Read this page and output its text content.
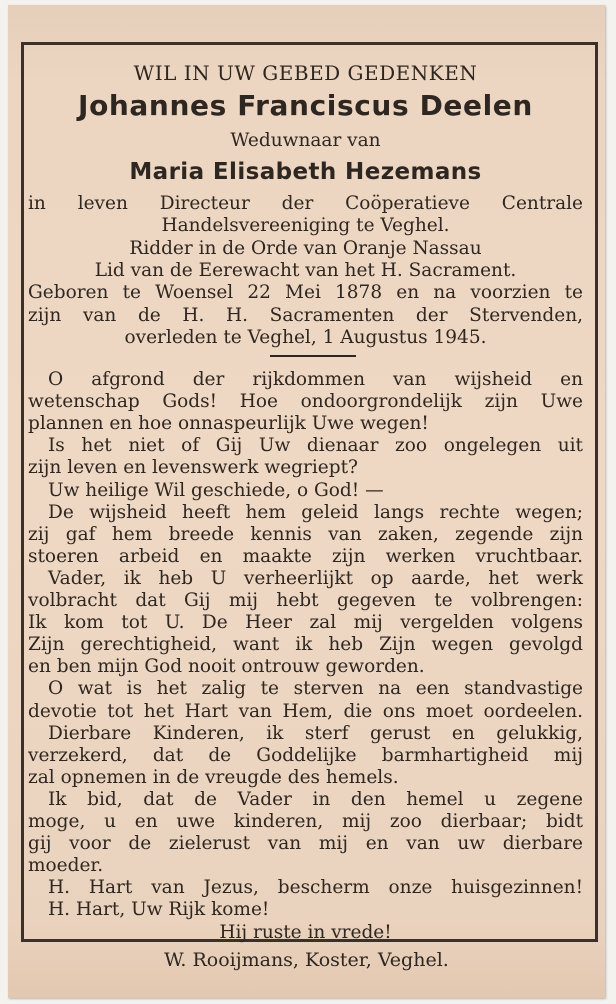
WIL IN UW GEBED GEDENKEN
Johannes Franciscus Deelen
Weduwnaar van
Maria Elisabeth Hezemans
in leven Directeur der Coöperatieve Centrale
Handelsvereeniging te Veghel.
Ridder in de Orde van Oranje Nassau
Lid van de Eerewacht van het H. Sacrament.
Geboren te Woensel 22 Mei 1878 en na voorzien te
zijn van de H. H. Sacramenten der Stervenden,
overleden te Veghel, 1 Augustus 1945.
O afgrond der rijkdommen van wijsheid en
wetenschap Gods! Hoe ondoorgrondelijk zijn Uwe
plannen en hoe onnaspeurlijk Uwe wegen!
Is het niet of Gij Uw dienaar zoo ongelegen uit
zijn leven en levenswerk wegriept?
Uw heilige Wil geschiede, o God! —
De wijsheid heeft hem geleid langs rechte wegen;
zij gaf hem breede kennis van zaken, zegende zijn
stoeren arbeid en maakte zijn werken vruchtbaar.
Vader, ik heb U verheerlijkt op aarde, het werk
volbracht dat Gij mij hebt gegeven te volbrengen:
Ik kom tot U. De Heer zal mij vergelden volgens
Zijn gerechtigheid, want ik heb Zijn wegen gevolgd
en ben mijn God nooit ontrouw geworden.
O wat is het zalig te sterven na een standvastige
devotie tot het Hart van Hem, die ons moet oordeelen.
Dierbare Kinderen, ik sterf gerust en gelukkig,
verzekerd, dat de Goddelijke barmhartigheid mij
zal opnemen in de vreugde des hemels.
Ik bid, dat de Vader in den hemel u zegene
moge, u en uwe kinderen, mij zoo dierbaar; bidt
gij voor de zielerust van mij en van uw dierbare
moeder.
H. Hart van Jezus, bescherm onze huisgezinnen!
H. Hart, Uw Rijk kome!
Hij ruste in vrede!
W. Rooijmans, Koster, Veghel.
